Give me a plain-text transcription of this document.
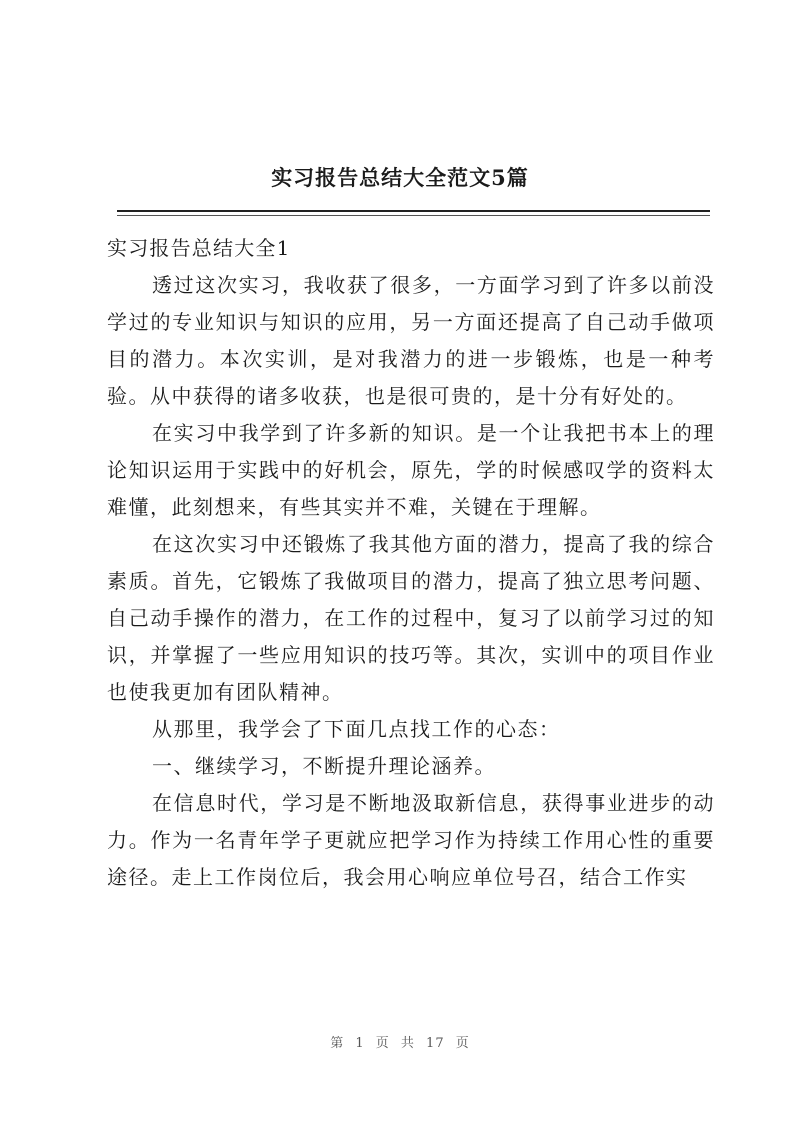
实习报告总结大全范文5篇

实习报告总结大全1

透过这次实习，我收获了很多，一方面学习到了许多以前没学过的专业知识与知识的应用，另一方面还提高了自己动手做项目的潜力。本次实训，是对我潜力的进一步锻炼，也是一种考验。从中获得的诸多收获，也是很可贵的，是十分有好处的。

在实习中我学到了许多新的知识。是一个让我把书本上的理论知识运用于实践中的好机会，原先，学的时候感叹学的资料太难懂，此刻想来，有些其实并不难，关键在于理解。

在这次实习中还锻炼了我其他方面的潜力，提高了我的综合素质。首先，它锻炼了我做项目的潜力，提高了独立思考问题、自己动手操作的潜力，在工作的过程中，复习了以前学习过的知识，并掌握了一些应用知识的技巧等。其次，实训中的项目作业也使我更加有团队精神。

从那里，我学会了下面几点找工作的心态：

一、继续学习，不断提升理论涵养。

在信息时代，学习是不断地汲取新信息，获得事业进步的动力。作为一名青年学子更就应把学习作为持续工作用心性的重要途径。走上工作岗位后，我会用心响应单位号召，结合工作实

第 1 页 共 17 页
